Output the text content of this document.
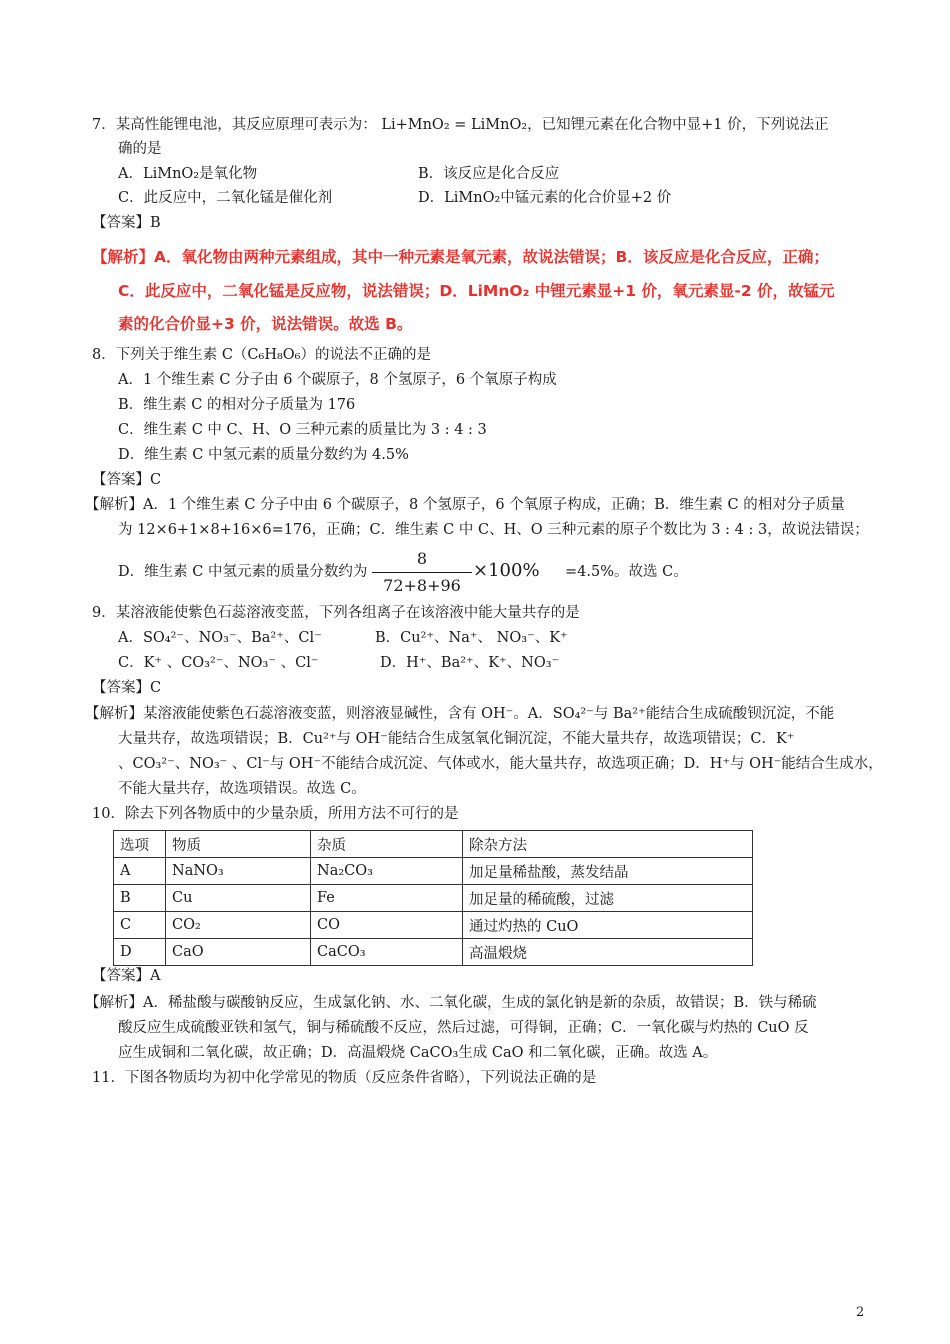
7．某高性能锂电池，其反应原理可表示为： Li+MnO₂ = LiMnO₂，已知锂元素在化合物中显+1 价，下列说法正
确的是
A．LiMnO₂是氧化物	B．该反应是化合反应
C．此反应中，二氧化锰是催化剂	D．LiMnO₂中锰元素的化合价显+2 价
【答案】B
【解析】A．氧化物由两种元素组成，其中一种元素是氧元素，故说法错误；B．该反应是化合反应，正确；
C．此反应中，二氧化锰是反应物，说法错误；D．LiMnO₂ 中锂元素显+1 价，氧元素显-2 价，故锰元
素的化合价显+3 价，说法错误。故选 B。
8．下列关于维生素 C（C₆H₈O₆）的说法不正确的是
A．1 个维生素 C 分子由 6 个碳原子，8 个氢原子，6 个氧原子构成
B．维生素 C 的相对分子质量为 176
C．维生素 C 中 C、H、O 三种元素的质量比为 3 : 4 : 3
D．维生素 C 中氢元素的质量分数约为 4.5%
【答案】C
【解析】A．1 个维生素 C 分子中由 6 个碳原子，8 个氢原子，6 个氧原子构成，正确；B．维生素 C 的相对分子质量
为 12×6+1×8+16×6=176，正确；C．维生素 C 中 C、H、O 三种元素的原子个数比为 3 : 4 : 3，故说法错误；
D．维生素 C 中氢元素的质量分数约为
8
72+8+96
×100% =4.5%。故选 C。
9．某溶液能使紫色石蕊溶液变蓝，下列各组离子在该溶液中能大量共存的是
A．SO₄²⁻、NO₃⁻、Ba²⁺、Cl⁻	B．Cu²⁺、Na⁺、 NO₃⁻、K⁺
C．K⁺ 、CO₃²⁻、NO₃⁻ 、Cl⁻	D．H⁺、Ba²⁺、K⁺、NO₃⁻
【答案】C
【解析】某溶液能使紫色石蕊溶液变蓝，则溶液显碱性，含有 OH⁻。A．SO₄²⁻与 Ba²⁺能结合生成硫酸钡沉淀，不能
大量共存，故选项错误；B．Cu²⁺与 OH⁻能结合生成氢氧化铜沉淀，不能大量共存，故选项错误；C．K⁺
、CO₃²⁻、NO₃⁻ 、Cl⁻与 OH⁻不能结合成沉淀、气体或水，能大量共存，故选项正确；D．H⁺与 OH⁻能结合生成水，
不能大量共存，故选项错误。故选 C。
10．除去下列各物质中的少量杂质，所用方法不可行的是
选项	物质	杂质	除杂方法
A	NaNO₃	Na₂CO₃	加足量稀盐酸，蒸发结晶
B	Cu	Fe	加足量的稀硫酸，过滤
C	CO₂	CO	通过灼热的 CuO
D	CaO	CaCO₃	高温煅烧
【答案】A
【解析】A．稀盐酸与碳酸钠反应，生成氯化钠、水、二氧化碳，生成的氯化钠是新的杂质，故错误；B．铁与稀硫
酸反应生成硫酸亚铁和氢气，铜与稀硫酸不反应，然后过滤，可得铜，正确；C．一氧化碳与灼热的 CuO 反
应生成铜和二氧化碳，故正确；D．高温煅烧 CaCO₃生成 CaO 和二氧化碳，正确。故选 A。
11．下图各物质均为初中化学常见的物质（反应条件省略），下列说法正确的是
2
